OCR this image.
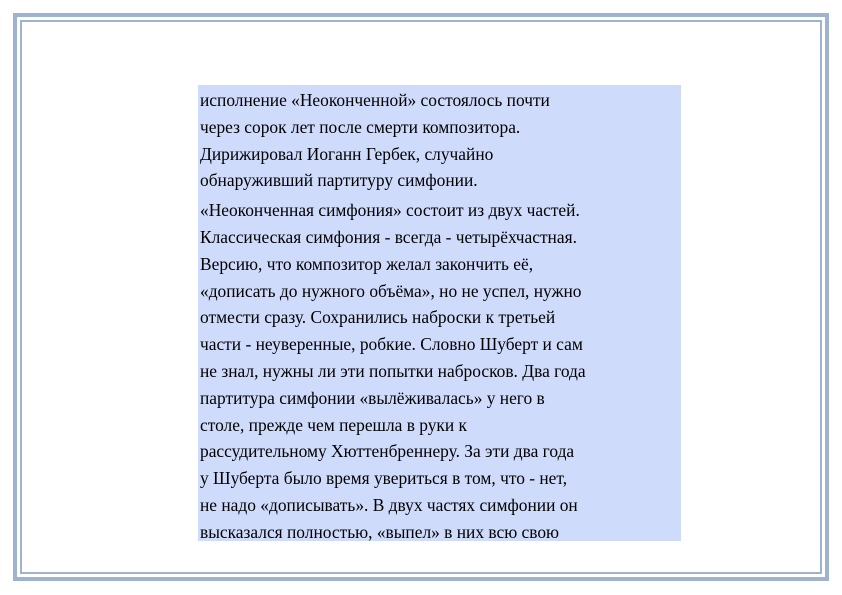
исполнение «Неоконченной» состоялось почти
через сорок лет после смерти композитора.
Дирижировал Иоганн Гербек, случайно
обнаруживший партитуру симфонии.

«Неоконченная симфония» состоит из двух частей.
Классическая симфония - всегда - четырёхчастная.
Версию, что композитор желал закончить её,
«дописать до нужного объёма», но не успел, нужно
отмести сразу. Сохранились наброски к третьей
части - неуверенные, робкие. Словно Шуберт и сам
не знал, нужны ли эти попытки набросков. Два года
партитура симфонии «вылёживалась» у него в
столе, прежде чем перешла в руки к
рассудительному Хюттенбреннеру. За эти два года
у Шуберта было время увериться в том, что - нет,
не надо «дописывать». В двух частях симфонии он
высказался полностью, «выпел» в них всю свою
